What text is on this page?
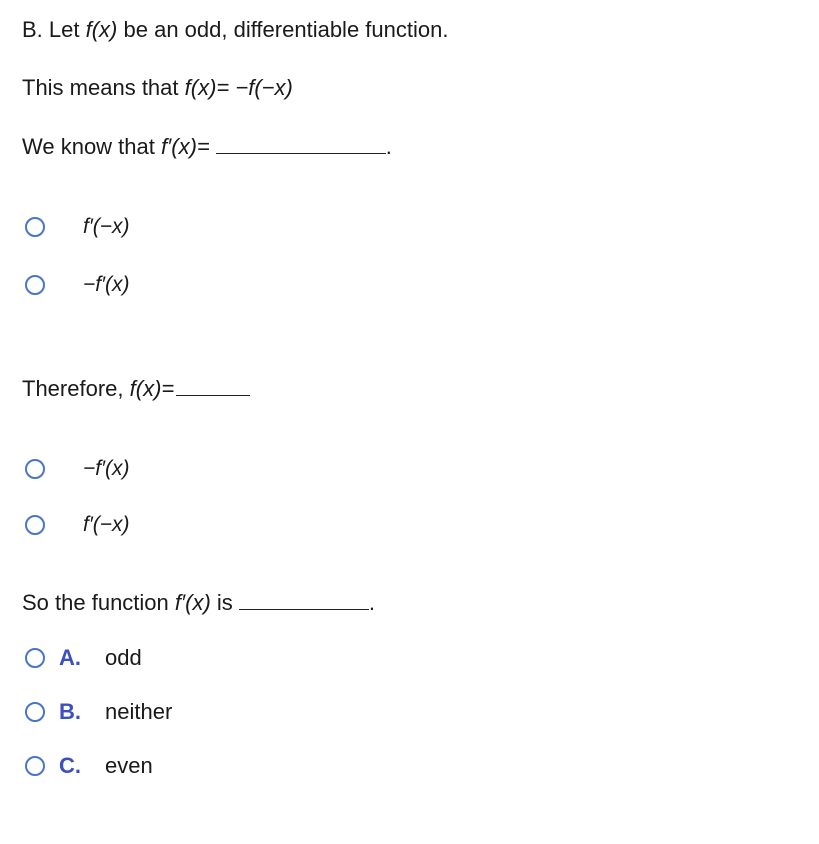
B. Let f(x) be an odd, differentiable function.
This means that f(x)= −f(−x)
We know that f′(x)=	.
f′(−x)
−f′(x)
Therefore, f(x)=
−f′(x)
f′(−x)
So the function f′(x) is	.
A.	odd
B.	neither
C.	even
